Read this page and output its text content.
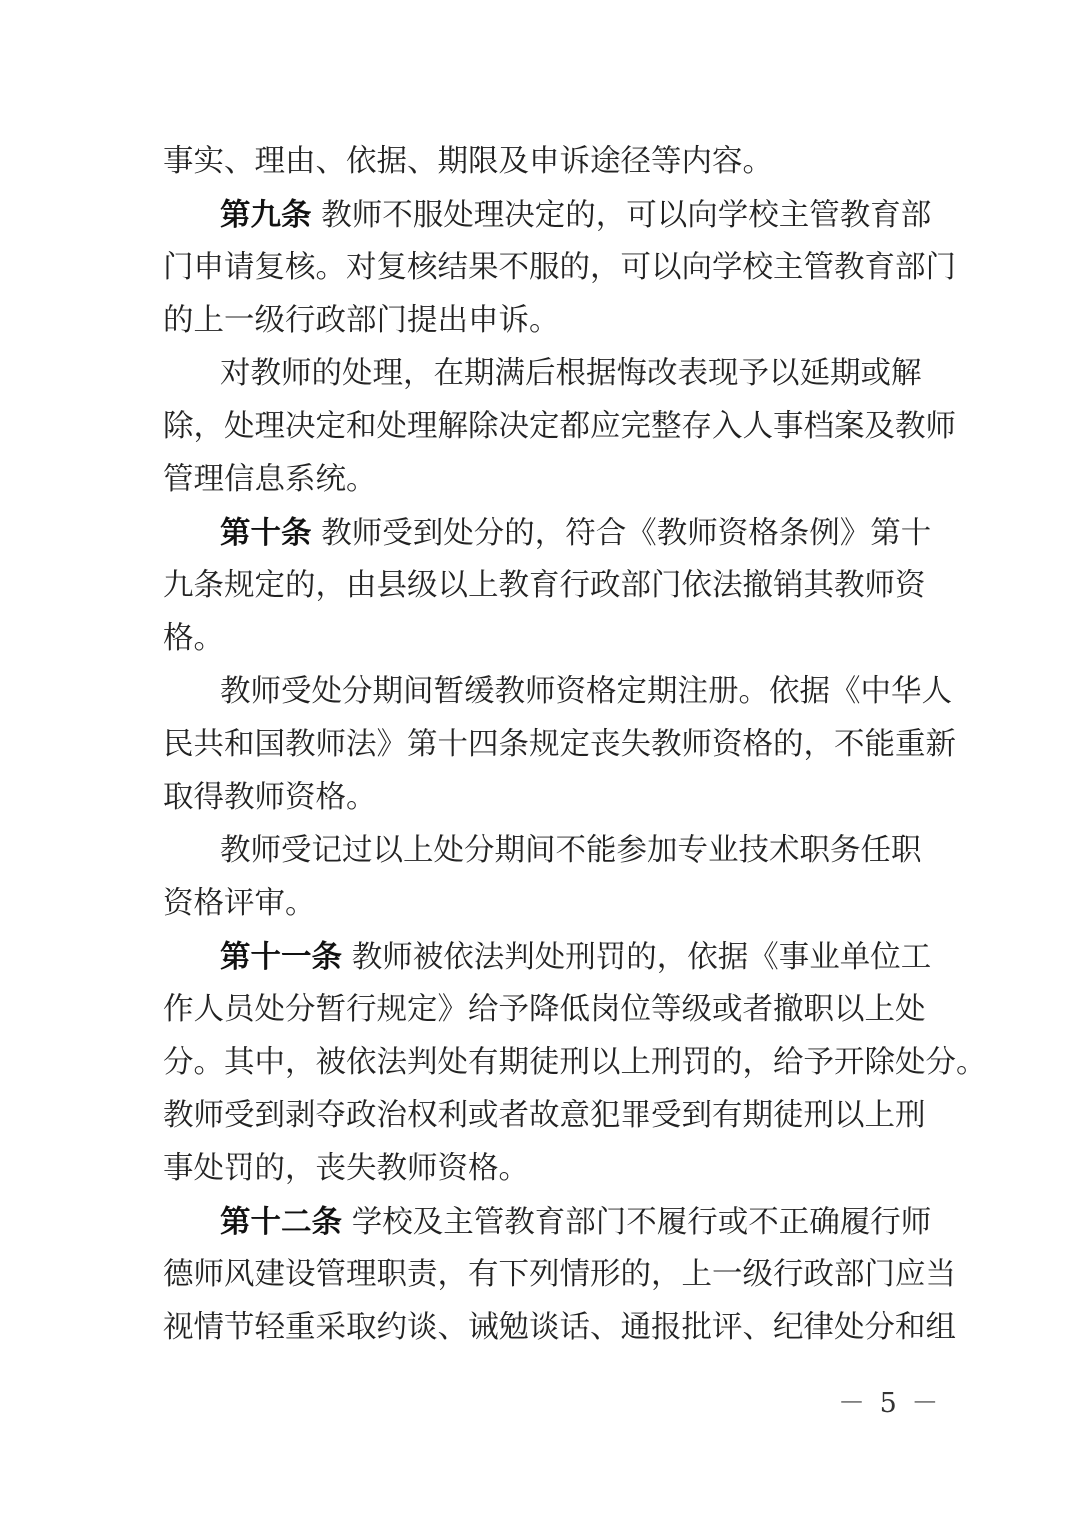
事实、理由、依据、期限及申诉途径等内容。
第九条 教师不服处理决定的，可以向学校主管教育部
门申请复核。对复核结果不服的，可以向学校主管教育部门
的上一级行政部门提出申诉。
对教师的处理，在期满后根据悔改表现予以延期或解
除，处理决定和处理解除决定都应完整存入人事档案及教师
管理信息系统。
第十条 教师受到处分的，符合《教师资格条例》第十
九条规定的，由县级以上教育行政部门依法撤销其教师资
格。
教师受处分期间暂缓教师资格定期注册。依据《中华人
民共和国教师法》第十四条规定丧失教师资格的，不能重新
取得教师资格。
教师受记过以上处分期间不能参加专业技术职务任职
资格评审。
第十一条 教师被依法判处刑罚的，依据《事业单位工
作人员处分暂行规定》给予降低岗位等级或者撤职以上处
分。其中，被依法判处有期徒刑以上刑罚的，给予开除处分。
教师受到剥夺政治权利或者故意犯罪受到有期徒刑以上刑
事处罚的，丧失教师资格。
第十二条 学校及主管教育部门不履行或不正确履行师
德师风建设管理职责，有下列情形的，上一级行政部门应当
视情节轻重采取约谈、诫勉谈话、通报批评、纪律处分和组
－ 5 －
